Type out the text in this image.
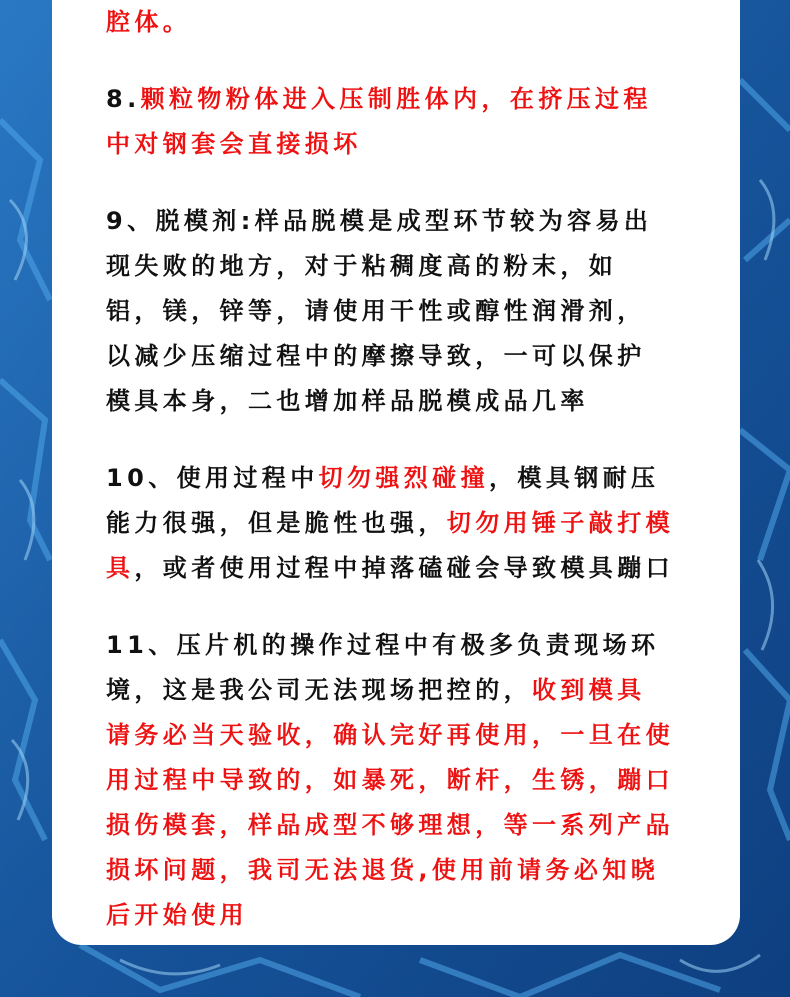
腔体。
8.颗粒物粉体进入压制胜体内，在挤压过程
中对钢套会直接损坏
9、脱模剂:样品脱模是成型环节较为容易出
现失败的地方，对于粘稠度高的粉末，如
铝，镁，锌等，请使用干性或醇性润滑剂，
以减少压缩过程中的摩擦导致，一可以保护
模具本身，二也增加样品脱模成品几率
10、使用过程中切勿强烈碰撞，模具钢耐压
能力很强，但是脆性也强，切勿用锤子敲打模
具，或者使用过程中掉落磕碰会导致模具蹦口
11、压片机的操作过程中有极多负责现场环
境，这是我公司无法现场把控的，收到模具
请务必当天验收，确认完好再使用，一旦在使
用过程中导致的，如暴死，断杆，生锈，蹦口
损伤模套，样品成型不够理想，等一系列产品
损坏问题，我司无法退货,使用前请务必知晓
后开始使用
